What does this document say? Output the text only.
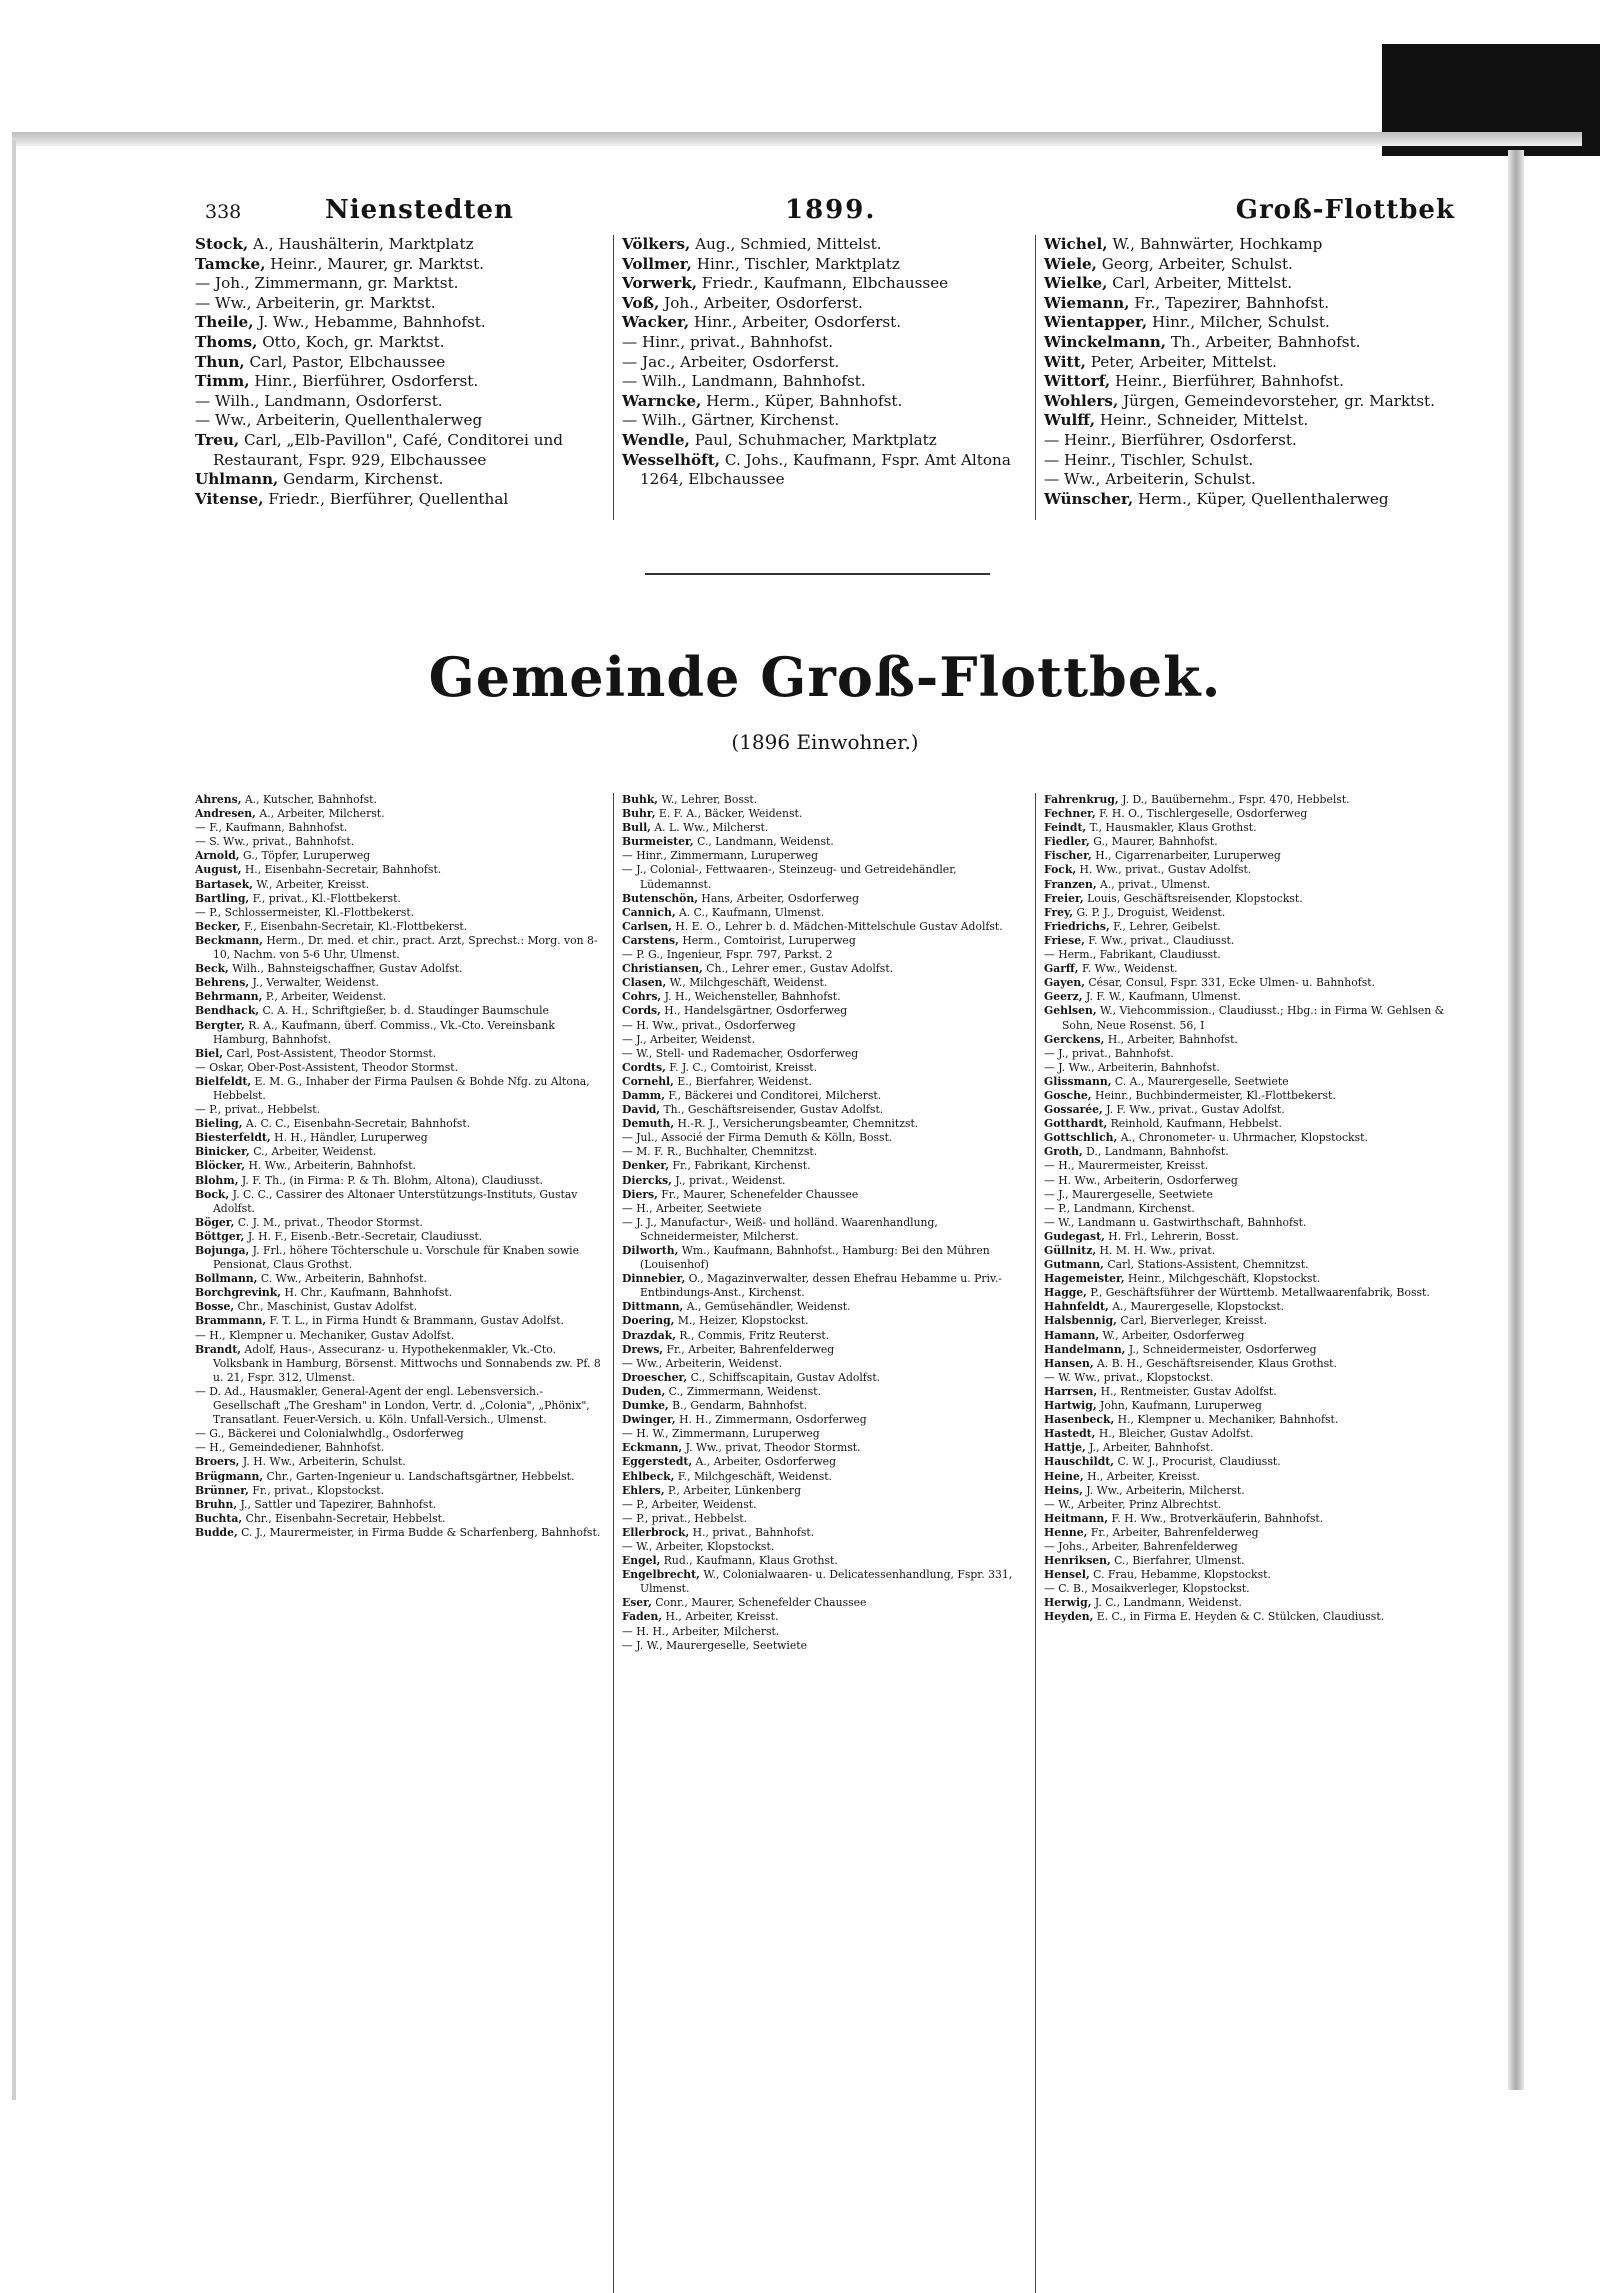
338	Nienstedten	1899.	Groß-Flottbek
Stock, A., Haushälterin, Marktplatz
Tamcke, Heinr., Maurer, gr. Marktst.
— Joh., Zimmermann, gr. Marktst.
— Ww., Arbeiterin, gr. Marktst.
Theile, J. Ww., Hebamme, Bahnhofst.
Thoms, Otto, Koch, gr. Marktst.
Thun, Carl, Pastor, Elbchaussee
Timm, Hinr., Bierführer, Osdorferst.
— Wilh., Landmann, Osdorferst.
— Ww., Arbeiterin, Quellenthalerweg
Treu, Carl, „Elb-Pavillon", Café, Conditorei und Restaurant, Fspr. 929, Elbchaussee
Uhlmann, Gendarm, Kirchenst.
Vitense, Friedr., Bierführer, Quellenthal
Völkers, Aug., Schmied, Mittelst.
Vollmer, Hinr., Tischler, Marktplatz
Vorwerk, Friedr., Kaufmann, Elbchaussee
Voß, Joh., Arbeiter, Osdorferst.
Wacker, Hinr., Arbeiter, Osdorferst.
— Hinr., privat., Bahnhofst.
— Jac., Arbeiter, Osdorferst.
— Wilh., Landmann, Bahnhofst.
Warncke, Herm., Küper, Bahnhofst.
— Wilh., Gärtner, Kirchenst.
Wendle, Paul, Schuhmacher, Marktplatz
Wesselhöft, C. Johs., Kaufmann, Fspr. Amt Altona 1264, Elbchaussee
Wichel, W., Bahnwärter, Hochkamp
Wiele, Georg, Arbeiter, Schulst.
Wielke, Carl, Arbeiter, Mittelst.
Wiemann, Fr., Tapezirer, Bahnhofst.
Wientapper, Hinr., Milcher, Schulst.
Winckelmann, Th., Arbeiter, Bahnhofst.
Witt, Peter, Arbeiter, Mittelst.
Wittorf, Heinr., Bierführer, Bahnhofst.
Wohlers, Jürgen, Gemeindevorsteher, gr. Marktst.
Wulff, Heinr., Schneider, Mittelst.
— Heinr., Bierführer, Osdorferst.
— Heinr., Tischler, Schulst.
— Ww., Arbeiterin, Schulst.
Wünscher, Herm., Küper, Quellenthalerweg
Gemeinde Groß-Flottbek.
(1896 Einwohner.)
Ahrens, A., Kutscher, Bahnhofst.
Andresen, A., Arbeiter, Milcherst.
— F., Kaufmann, Bahnhofst.
— S. Ww., privat., Bahnhofst.
Arnold, G., Töpfer, Luruperweg
August, H., Eisenbahn-Secretair, Bahnhofst.
Bartasek, W., Arbeiter, Kreisst.
Bartling, F., privat., Kl.-Flottbekerst.
— P., Schlossermeister, Kl.-Flottbekerst.
Becker, F., Eisenbahn-Secretair, Kl.-Flottbekerst.
Beckmann, Herm., Dr. med. et chir., pract. Arzt, Sprechst.: Morg. von 8-10, Nachm. von 5-6 Uhr, Ulmenst.
Beck, Wilh., Bahnsteigschaffner, Gustav Adolfst.
Behrens, J., Verwalter, Weidenst.
Behrmann, P., Arbeiter, Weidenst.
Bendhack, C. A. H., Schriftgießer, b. d. Staudinger Baumschule
Bergter, R. A., Kaufmann, überf. Commiss., Vk.-Cto. Vereinsbank Hamburg, Bahnhofst.
Biel, Carl, Post-Assistent, Theodor Stormst.
— Oskar, Ober-Post-Assistent, Theodor Stormst.
Bielfeldt, E. M. G., Inhaber der Firma Paulsen & Bohde Nfg. zu Altona, Hebbelst.
— P., privat., Hebbelst.
Bieling, A. C. C., Eisenbahn-Secretair, Bahnhofst.
Biesterfeldt, H. H., Händler, Luruperweg
Binicker, C., Arbeiter, Weidenst.
Blöcker, H. Ww., Arbeiterin, Bahnhofst.
Blohm, J. F. Th., (in Firma: P. & Th. Blohm, Altona), Claudiusst.
Bock, J. C. C., Cassirer des Altonaer Unterstützungs-Instituts, Gustav Adolfst.
Böger, C. J. M., privat., Theodor Stormst.
Böttger, J. H. F., Eisenb.-Betr.-Secretair, Claudiusst.
Bojunga, J. Frl., höhere Töchterschule u. Vorschule für Knaben sowie Pensionat, Claus Grothst.
Bollmann, C. Ww., Arbeiterin, Bahnhofst.
Borchgrevink, H. Chr., Kaufmann, Bahnhofst.
Bosse, Chr., Maschinist, Gustav Adolfst.
Brammann, F. T. L., in Firma Hundt & Brammann, Gustav Adolfst.
— H., Klempner u. Mechaniker, Gustav Adolfst.
Brandt, Adolf, Haus-, Assecuranz- u. Hypothekenmakler, Vk.-Cto. Volksbank in Hamburg, Börsenst. Mittwochs und Sonnabends zw. Pf. 8 u. 21, Fspr. 312, Ulmenst.
— D. Ad., Hausmakler, General-Agent der engl. Lebensversich.-Gesellschaft „The Gresham" in London, Vertr. d. „Colonia", „Phönix", Transatlant. Feuer-Versich. u. Köln. Unfall-Versich., Ulmenst.
— G., Bäckerei und Colonialwhdlg., Osdorferweg
— H., Gemeindediener, Bahnhofst.
Broers, J. H. Ww., Arbeiterin, Schulst.
Brügmann, Chr., Garten-Ingenieur u. Landschaftsgärtner, Hebbelst.
Brünner, Fr., privat., Klopstockst.
Bruhn, J., Sattler und Tapezirer, Bahnhofst.
Buchta, Chr., Eisenbahn-Secretair, Hebbelst.
Budde, C. J., Maurermeister, in Firma Budde & Scharfenberg, Bahnhofst.
Buhk, W., Lehrer, Bosst.
Buhr, E. F. A., Bäcker, Weidenst.
Bull, A. L. Ww., Milcherst.
Burmeister, C., Landmann, Weidenst.
— Hinr., Zimmermann, Luruperweg
— J., Colonial-, Fettwaaren-, Steinzeug- und Getreidehändler, Lüdemannst.
Butenschön, Hans, Arbeiter, Osdorferweg
Cannich, A. C., Kaufmann, Ulmenst.
Carlsen, H. E. O., Lehrer b. d. Mädchen-Mittelschule Gustav Adolfst.
Carstens, Herm., Comtoirist, Luruperweg
— P. G., Ingenieur, Fspr. 797, Parkst. 2
Christiansen, Ch., Lehrer emer., Gustav Adolfst.
Clasen, W., Milchgeschäft, Weidenst.
Cohrs, J. H., Weichensteller, Bahnhofst.
Cords, H., Handelsgärtner, Osdorferweg
— H. Ww., privat., Osdorferweg
— J., Arbeiter, Weidenst.
— W., Stell- und Rademacher, Osdorferweg
Cordts, F. J. C., Comtoirist, Kreisst.
Cornehl, E., Bierfahrer, Weidenst.
Damm, F., Bäckerei und Conditorei, Milcherst.
David, Th., Geschäftsreisender, Gustav Adolfst.
Demuth, H.-R. J., Versicherungsbeamter, Chemnitzst.
— Jul., Associé der Firma Demuth & Kölln, Bosst.
— M. F. R., Buchhalter, Chemnitzst.
Denker, Fr., Fabrikant, Kirchenst.
Diercks, J., privat., Weidenst.
Diers, Fr., Maurer, Schenefelder Chaussee
— H., Arbeiter, Seetwiete
— J. J., Manufactur-, Weiß- und holländ. Waarenhandlung, Schneidermeister, Milcherst.
Dilworth, Wm., Kaufmann, Bahnhofst., Hamburg: Bei den Mühren (Louisenhof)
Dinnebier, O., Magazinverwalter, dessen Ehefrau Hebamme u. Priv.-Entbindungs-Anst., Kirchenst.
Dittmann, A., Gemüsehändler, Weidenst.
Doering, M., Heizer, Klopstockst.
Drazdak, R., Commis, Fritz Reuterst.
Drews, Fr., Arbeiter, Bahrenfelderweg
— Ww., Arbeiterin, Weidenst.
Droescher, C., Schiffscapitain, Gustav Adolfst.
Duden, C., Zimmermann, Weidenst.
Dumke, B., Gendarm, Bahnhofst.
Dwinger, H. H., Zimmermann, Osdorferweg
— H. W., Zimmermann, Luruperweg
Eckmann, J. Ww., privat, Theodor Stormst.
Eggerstedt, A., Arbeiter, Osdorferweg
Ehlbeck, F., Milchgeschäft, Weidenst.
Ehlers, P., Arbeiter, Lünkenberg
— P., Arbeiter, Weidenst.
— P., privat., Hebbelst.
Ellerbrock, H., privat., Bahnhofst.
— W., Arbeiter, Klopstockst.
Engel, Rud., Kaufmann, Klaus Grothst.
Engelbrecht, W., Colonialwaaren- u. Delicatessenhandlung, Fspr. 331, Ulmenst.
Eser, Conr., Maurer, Schenefelder Chaussee
Faden, H., Arbeiter, Kreisst.
— H. H., Arbeiter, Milcherst.
— J. W., Maurergeselle, Seetwiete
Fahrenkrug, J. D., Bauübernehm., Fspr. 470, Hebbelst.
Fechner, F. H. O., Tischlergeselle, Osdorferweg
Feindt, T., Hausmakler, Klaus Grothst.
Fiedler, G., Maurer, Bahnhofst.
Fischer, H., Cigarrenarbeiter, Luruperweg
Fock, H. Ww., privat., Gustav Adolfst.
Franzen, A., privat., Ulmenst.
Freier, Louis, Geschäftsreisender, Klopstockst.
Frey, G. P. J., Droguist, Weidenst.
Friedrichs, F., Lehrer, Geibelst.
Friese, F. Ww., privat., Claudiusst.
— Herm., Fabrikant, Claudiusst.
Garff, F. Ww., Weidenst.
Gayen, César, Consul, Fspr. 331, Ecke Ulmen- u. Bahnhofst.
Geerz, J. F. W., Kaufmann, Ulmenst.
Gehlsen, W., Viehcommission., Claudiusst.; Hbg.: in Firma W. Gehlsen & Sohn, Neue Rosenst. 56, I
Gerckens, H., Arbeiter, Bahnhofst.
— J., privat., Bahnhofst.
— J. Ww., Arbeiterin, Bahnhofst.
Glissmann, C. A., Maurergeselle, Seetwiete
Gosche, Heinr., Buchbindermeister, Kl.-Flottbekerst.
Gossarée, J. F. Ww., privat., Gustav Adolfst.
Gotthardt, Reinhold, Kaufmann, Hebbelst.
Gottschlich, A., Chronometer- u. Uhrmacher, Klopstockst.
Groth, D., Landmann, Bahnhofst.
— H., Maurermeister, Kreisst.
— H. Ww., Arbeiterin, Osdorferweg
— J., Maurergeselle, Seetwiete
— P., Landmann, Kirchenst.
— W., Landmann u. Gastwirthschaft, Bahnhofst.
Gudegast, H. Frl., Lehrerin, Bosst.
Güllnitz, H. M. H. Ww., privat.
Gutmann, Carl, Stations-Assistent, Chemnitzst.
Hagemeister, Heinr., Milchgeschäft, Klopstockst.
Hagge, P., Geschäftsführer der Württemb. Metallwaarenfabrik, Bosst.
Hahnfeldt, A., Maurergeselle, Klopstockst.
Halsbennig, Carl, Bierverleger, Kreisst.
Hamann, W., Arbeiter, Osdorferweg
Handelmann, J., Schneidermeister, Osdorferweg
Hansen, A. B. H., Geschäftsreisender, Klaus Grothst.
— W. Ww., privat., Klopstockst.
Harrsen, H., Rentmeister, Gustav Adolfst.
Hartwig, John, Kaufmann, Luruperweg
Hasenbeck, H., Klempner u. Mechaniker, Bahnhofst.
Hastedt, H., Bleicher, Gustav Adolfst.
Hattje, J., Arbeiter, Bahnhofst.
Hauschildt, C. W. J., Procurist, Claudiusst.
Heine, H., Arbeiter, Kreisst.
Heins, J. Ww., Arbeiterin, Milcherst.
— W., Arbeiter, Prinz Albrechtst.
Heitmann, F. H. Ww., Brotverkäuferin, Bahnhofst.
Henne, Fr., Arbeiter, Bahrenfelderweg
— Johs., Arbeiter, Bahrenfelderweg
Henriksen, C., Bierfahrer, Ulmenst.
Hensel, C. Frau, Hebamme, Klopstockst.
— C. B., Mosaikverleger, Klopstockst.
Herwig, J. C., Landmann, Weidenst.
Heyden, E. C., in Firma E. Heyden & C. Stülcken, Claudiusst.
